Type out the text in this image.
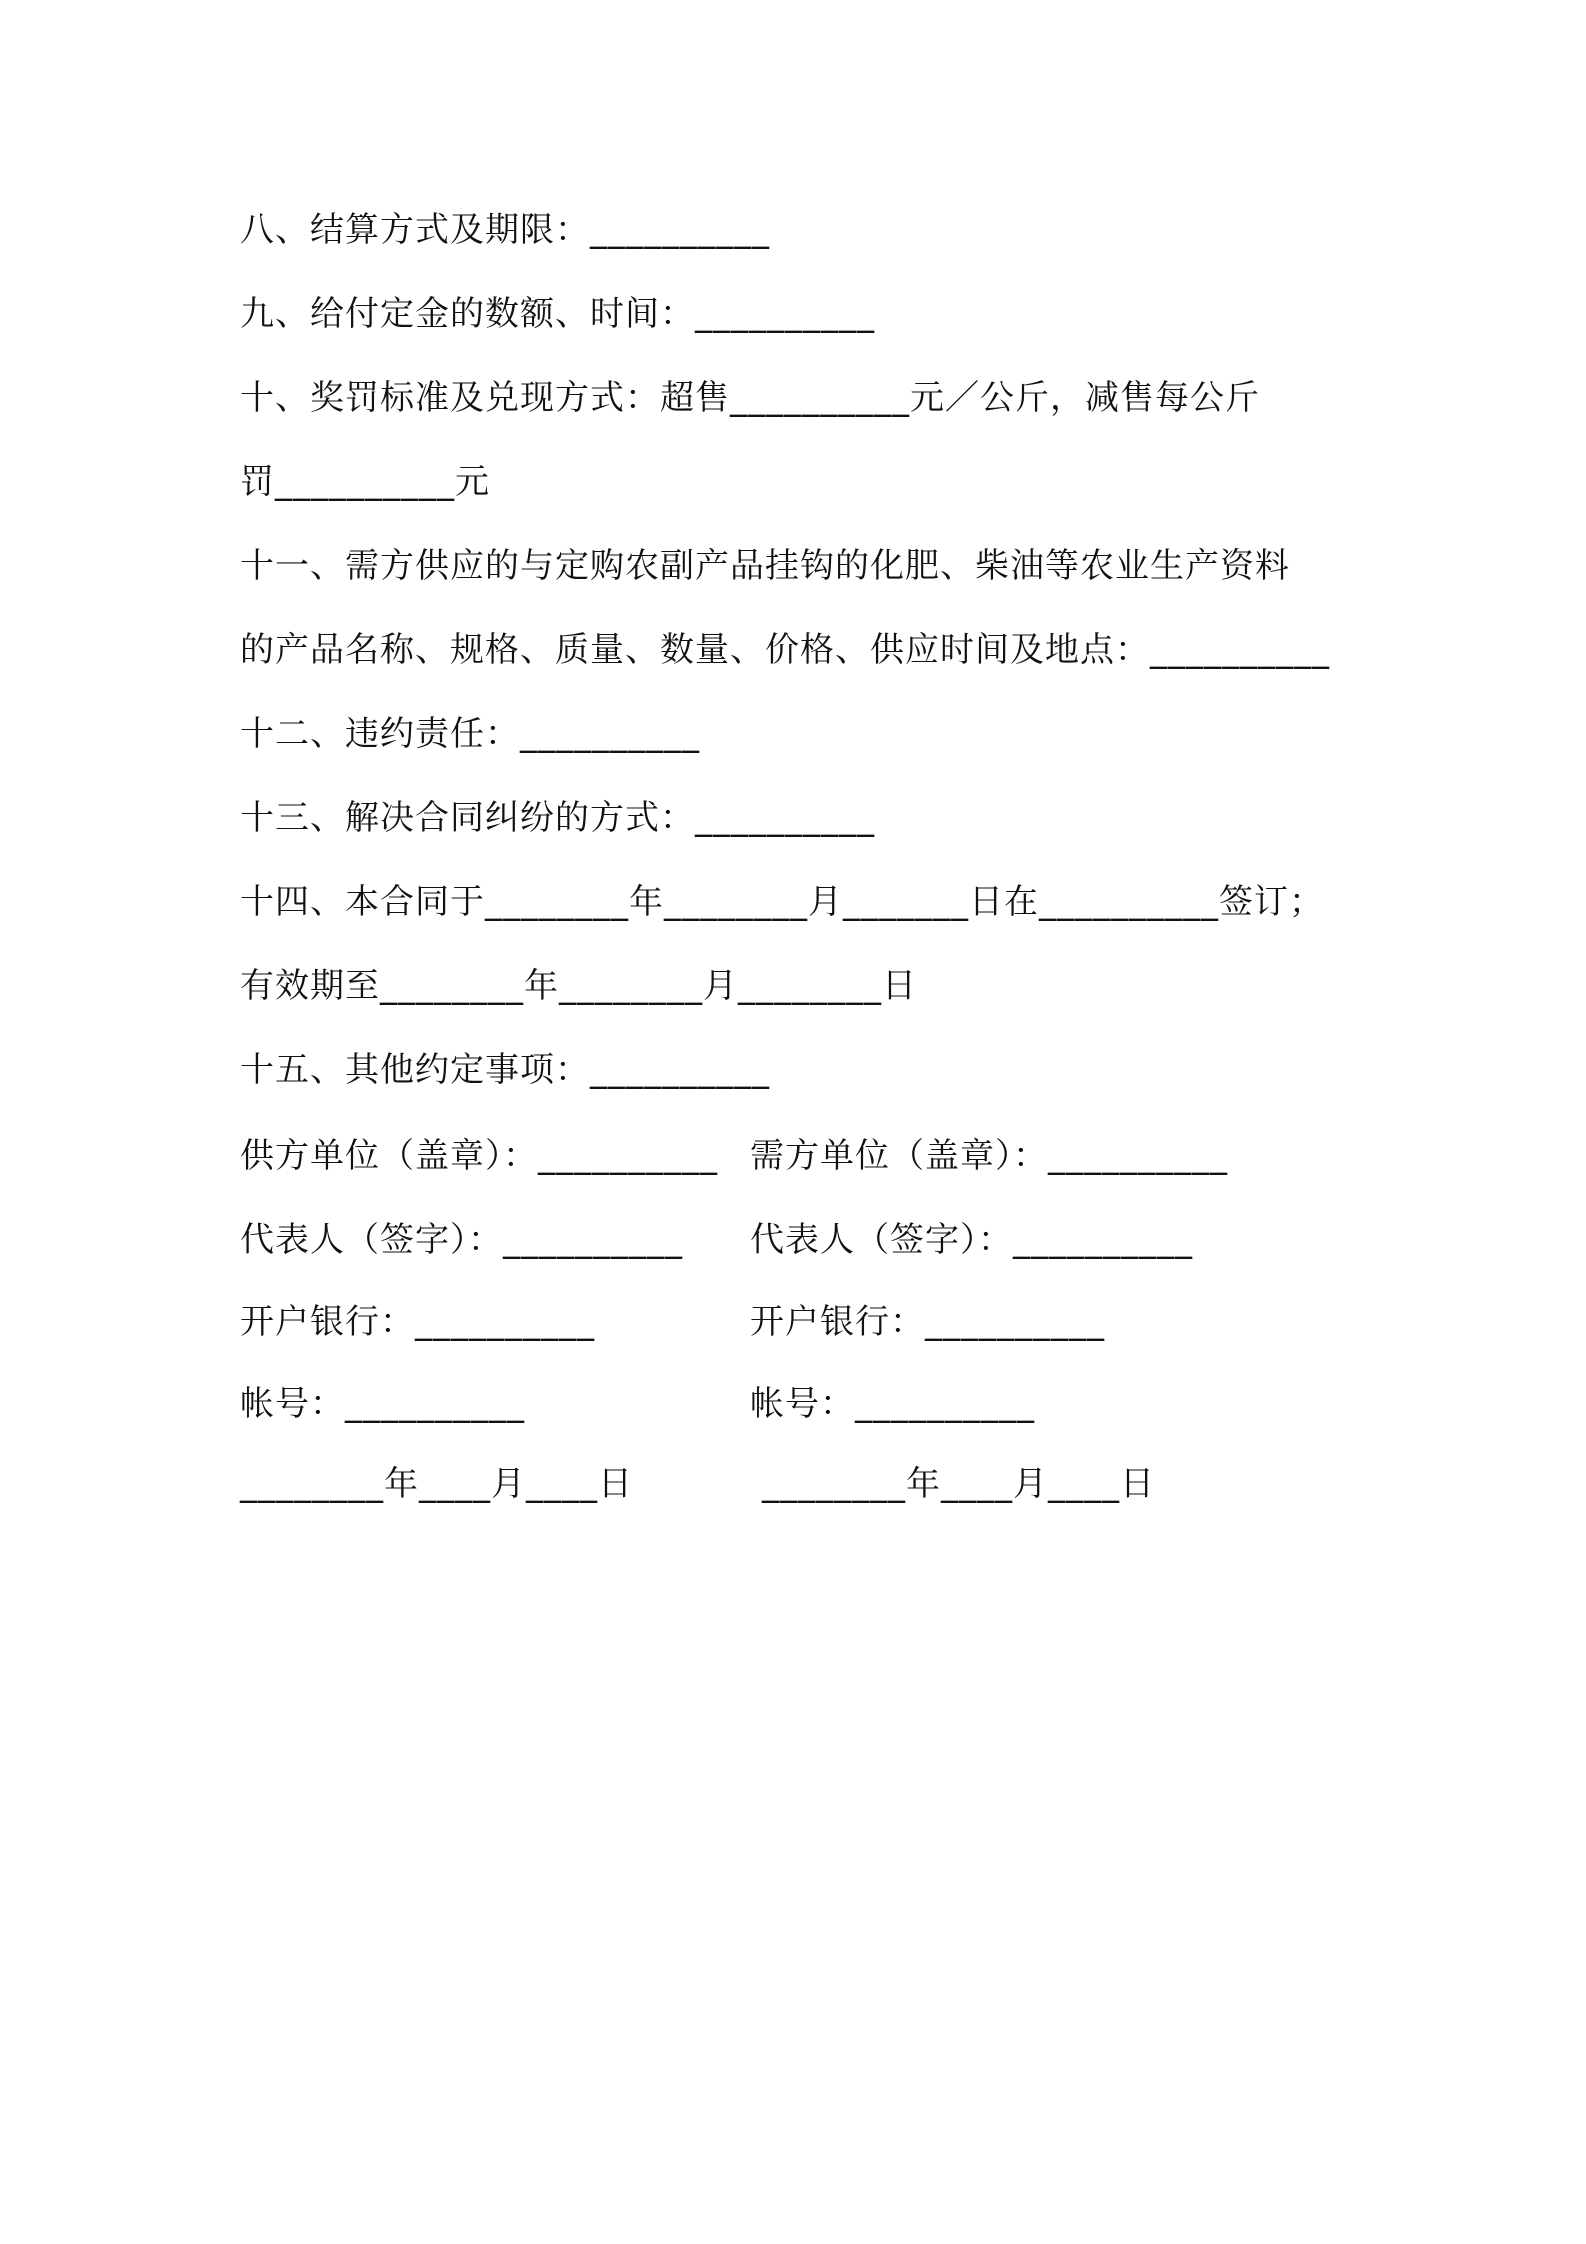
八、结算方式及期限：__________
九、给付定金的数额、时间：__________
十、奖罚标准及兑现方式：超售__________元／公斤，减售每公斤
罚__________元
十一、需方供应的与定购农副产品挂钩的化肥、柴油等农业生产资料
的产品名称、规格、质量、数量、价格、供应时间及地点：__________
十二、违约责任：__________
十三、解决合同纠纷的方式：__________
十四、本合同于________年________月_______日在__________签订；
有效期至________年________月________日
十五、其他约定事项：__________
供方单位（盖章）：__________ 需方单位（盖章）：__________
代表人（签字）：__________ 代表人（签字）：__________
开户银行：__________	开户银行：__________
帐号：__________	帐号：__________
________年____月____日	________年____月____日
